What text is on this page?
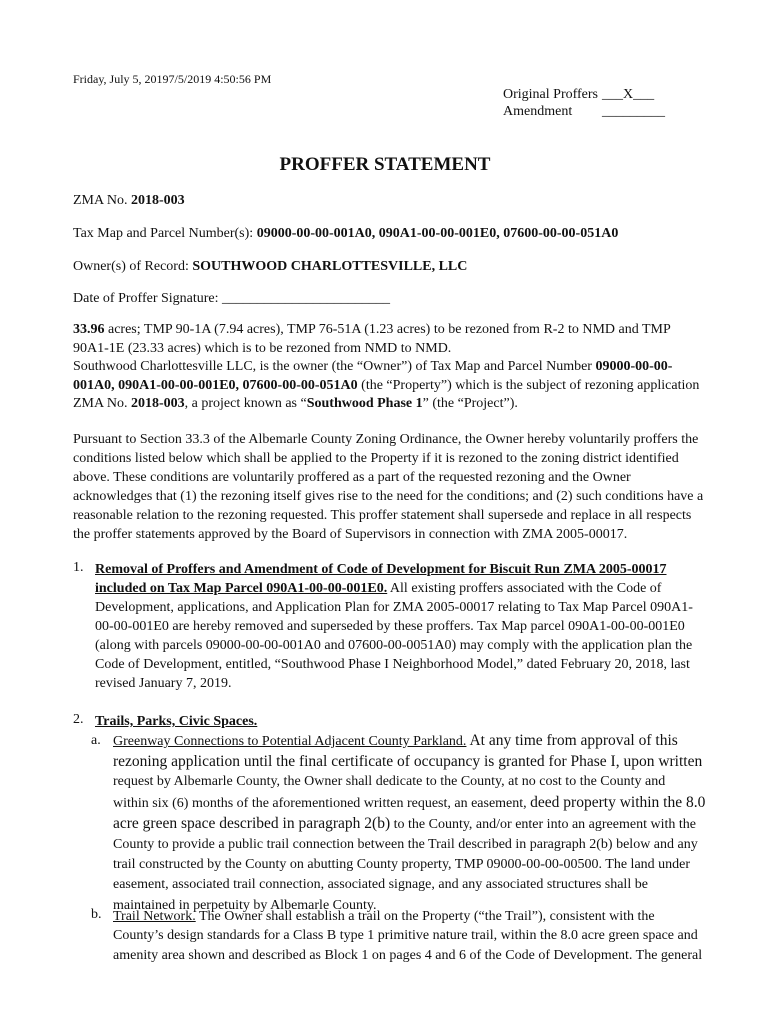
Friday, July 5, 20197/5/2019 4:50:56 PM
Original Proffers ___X___
Amendment	_________
PROFFER STATEMENT
ZMA No. 2018-003
Tax Map and Parcel Number(s): 09000-00-00-001A0, 090A1-00-00-001E0, 07600-00-00-051A0
Owner(s) of Record: SOUTHWOOD CHARLOTTESVILLE, LLC
Date of Proffer Signature: ________________________
33.96 acres; TMP 90-1A (7.94 acres), TMP 76-51A (1.23 acres) to be rezoned from R-2 to NMD and TMP
90A1-1E (23.33 acres) which is to be rezoned from NMD to NMD.
Southwood Charlottesville LLC, is the owner (the “Owner”) of Tax Map and Parcel Number 09000-00-00-
001A0, 090A1-00-00-001E0, 07600-00-00-051A0 (the “Property”) which is the subject of rezoning application
ZMA No. 2018-003, a project known as “Southwood Phase 1” (the “Project”).
Pursuant to Section 33.3 of the Albemarle County Zoning Ordinance, the Owner hereby voluntarily proffers the
conditions listed below which shall be applied to the Property if it is rezoned to the zoning district identified
above. These conditions are voluntarily proffered as a part of the requested rezoning and the Owner
acknowledges that (1) the rezoning itself gives rise to the need for the conditions; and (2) such conditions have a
reasonable relation to the rezoning requested. This proffer statement shall supersede and replace in all respects
the proffer statements approved by the Board of Supervisors in connection with ZMA 2005-00017.
1. Removal of Proffers and Amendment of Code of Development for Biscuit Run ZMA 2005-00017
included on Tax Map Parcel 090A1-00-00-001E0. All existing proffers associated with the Code of
Development, applications, and Application Plan for ZMA 2005-00017 relating to Tax Map Parcel 090A1-
00-00-001E0 are hereby removed and superseded by these proffers. Tax Map parcel 090A1-00-00-001E0
(along with parcels 09000-00-00-001A0 and 07600-00-0051A0) may comply with the application plan the
Code of Development, entitled, “Southwood Phase I Neighborhood Model,” dated February 20, 2018, last
revised January 7, 2019.
2. Trails, Parks, Civic Spaces.
a. Greenway Connections to Potential Adjacent County Parkland. At any time from approval of this
rezoning application until the final certificate of occupancy is granted for Phase I, upon written
request by Albemarle County, the Owner shall dedicate to the County, at no cost to the County and
within six (6) months of the aforementioned written request, an easement, deed property within the 8.0
acre green space described in paragraph 2(b) to the County, and/or enter into an agreement with the
County to provide a public trail connection between the Trail described in paragraph 2(b) below and any
trail constructed by the County on abutting County property, TMP 09000-00-00-00500. The land under
easement, associated trail connection, associated signage, and any associated structures shall be
maintained in perpetuity by Albemarle County.
b. Trail Network. The Owner shall establish a trail on the Property (“the Trail”), consistent with the
County’s design standards for a Class B type 1 primitive nature trail, within the 8.0 acre green space and
amenity area shown and described as Block 1 on pages 4 and 6 of the Code of Development. The general
